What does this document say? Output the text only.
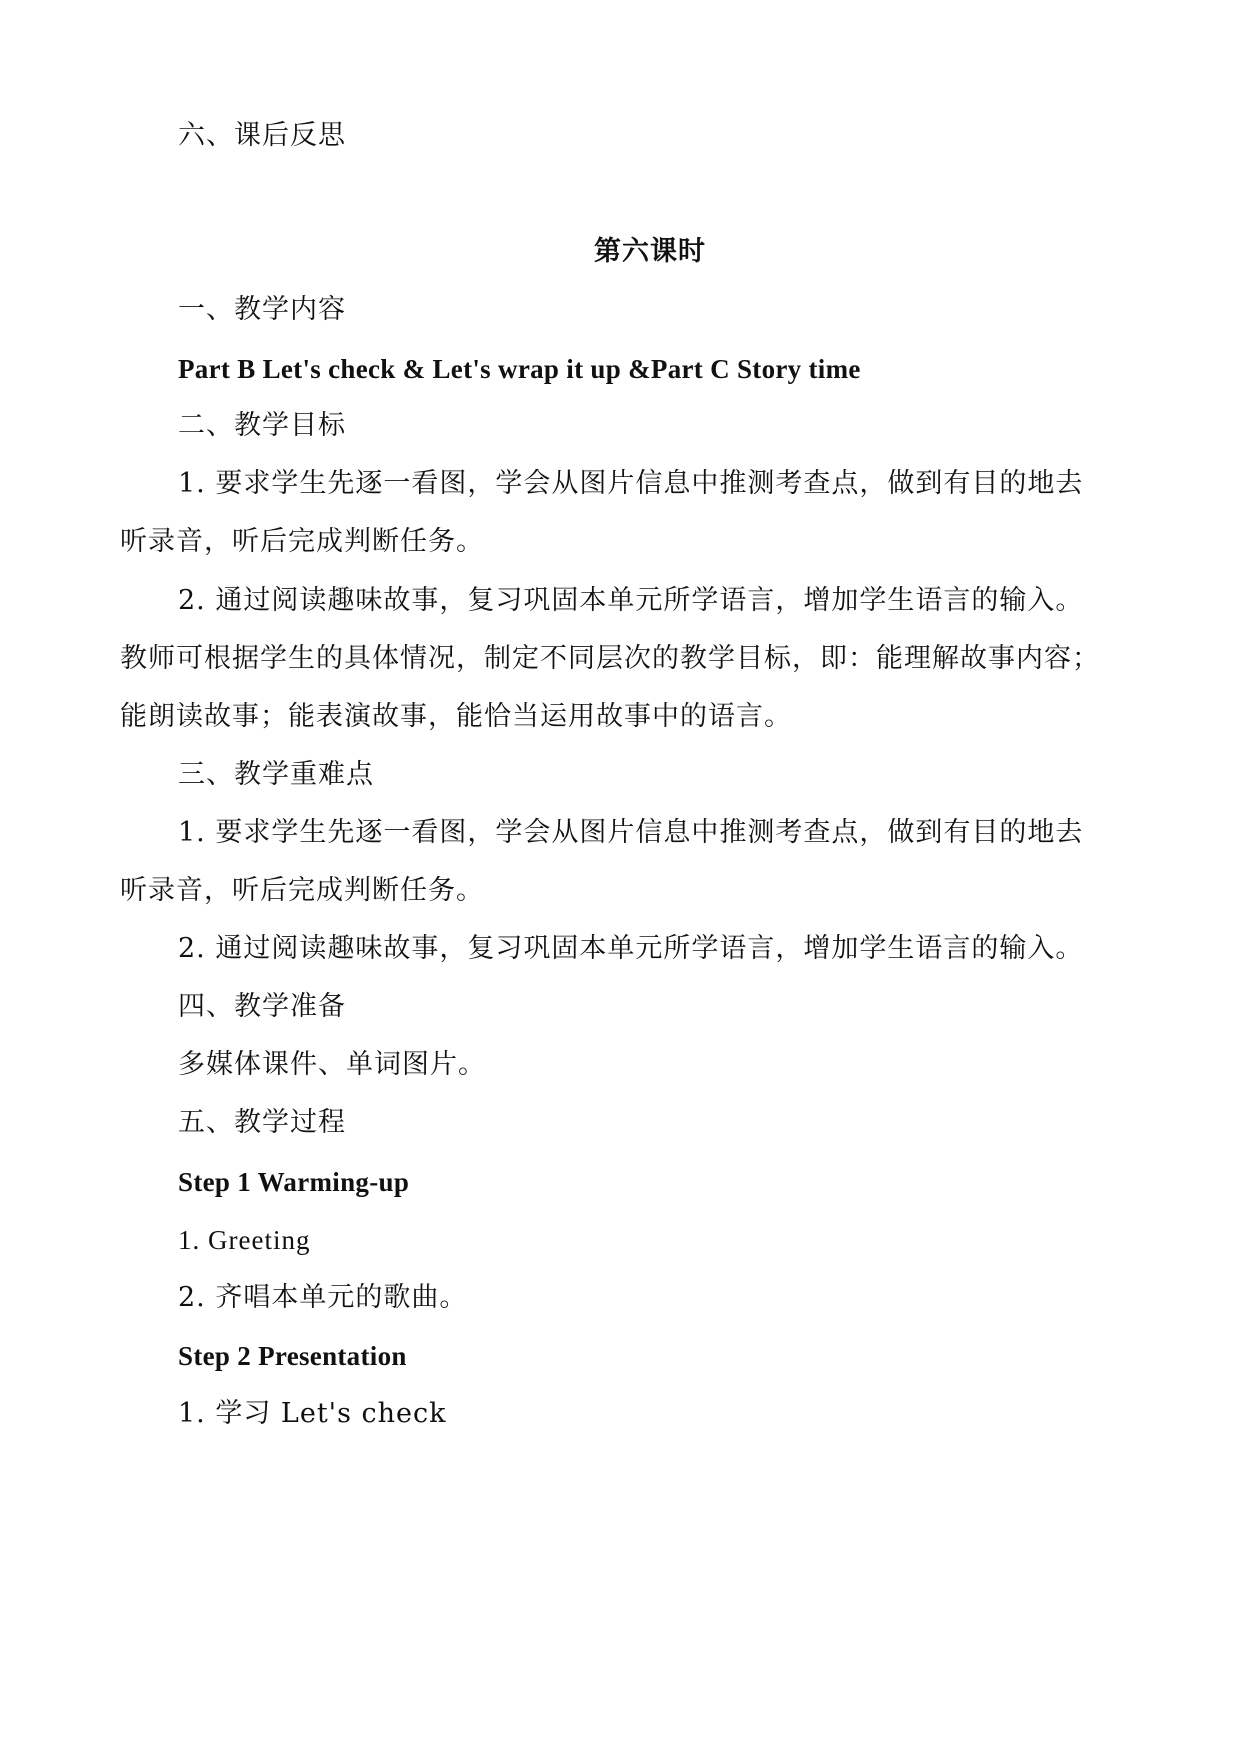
六、课后反思
第六课时
一、教学内容
Part B Let's check & Let's wrap it up &Part C Story time
二、教学目标
1. 要求学生先逐一看图，学会从图片信息中推测考查点，做到有目的地去
听录音，听后完成判断任务。
2. 通过阅读趣味故事，复习巩固本单元所学语言，增加学生语言的输入。
教师可根据学生的具体情况，制定不同层次的教学目标，即：能理解故事内容；
能朗读故事；能表演故事，能恰当运用故事中的语言。
三、教学重难点
1. 要求学生先逐一看图，学会从图片信息中推测考查点，做到有目的地去
听录音，听后完成判断任务。
2. 通过阅读趣味故事，复习巩固本单元所学语言，增加学生语言的输入。
四、教学准备
多媒体课件、单词图片。
五、教学过程
Step 1 Warming-up
1. Greeting
2. 齐唱本单元的歌曲。
Step 2 Presentation
1. 学习 Let's check
